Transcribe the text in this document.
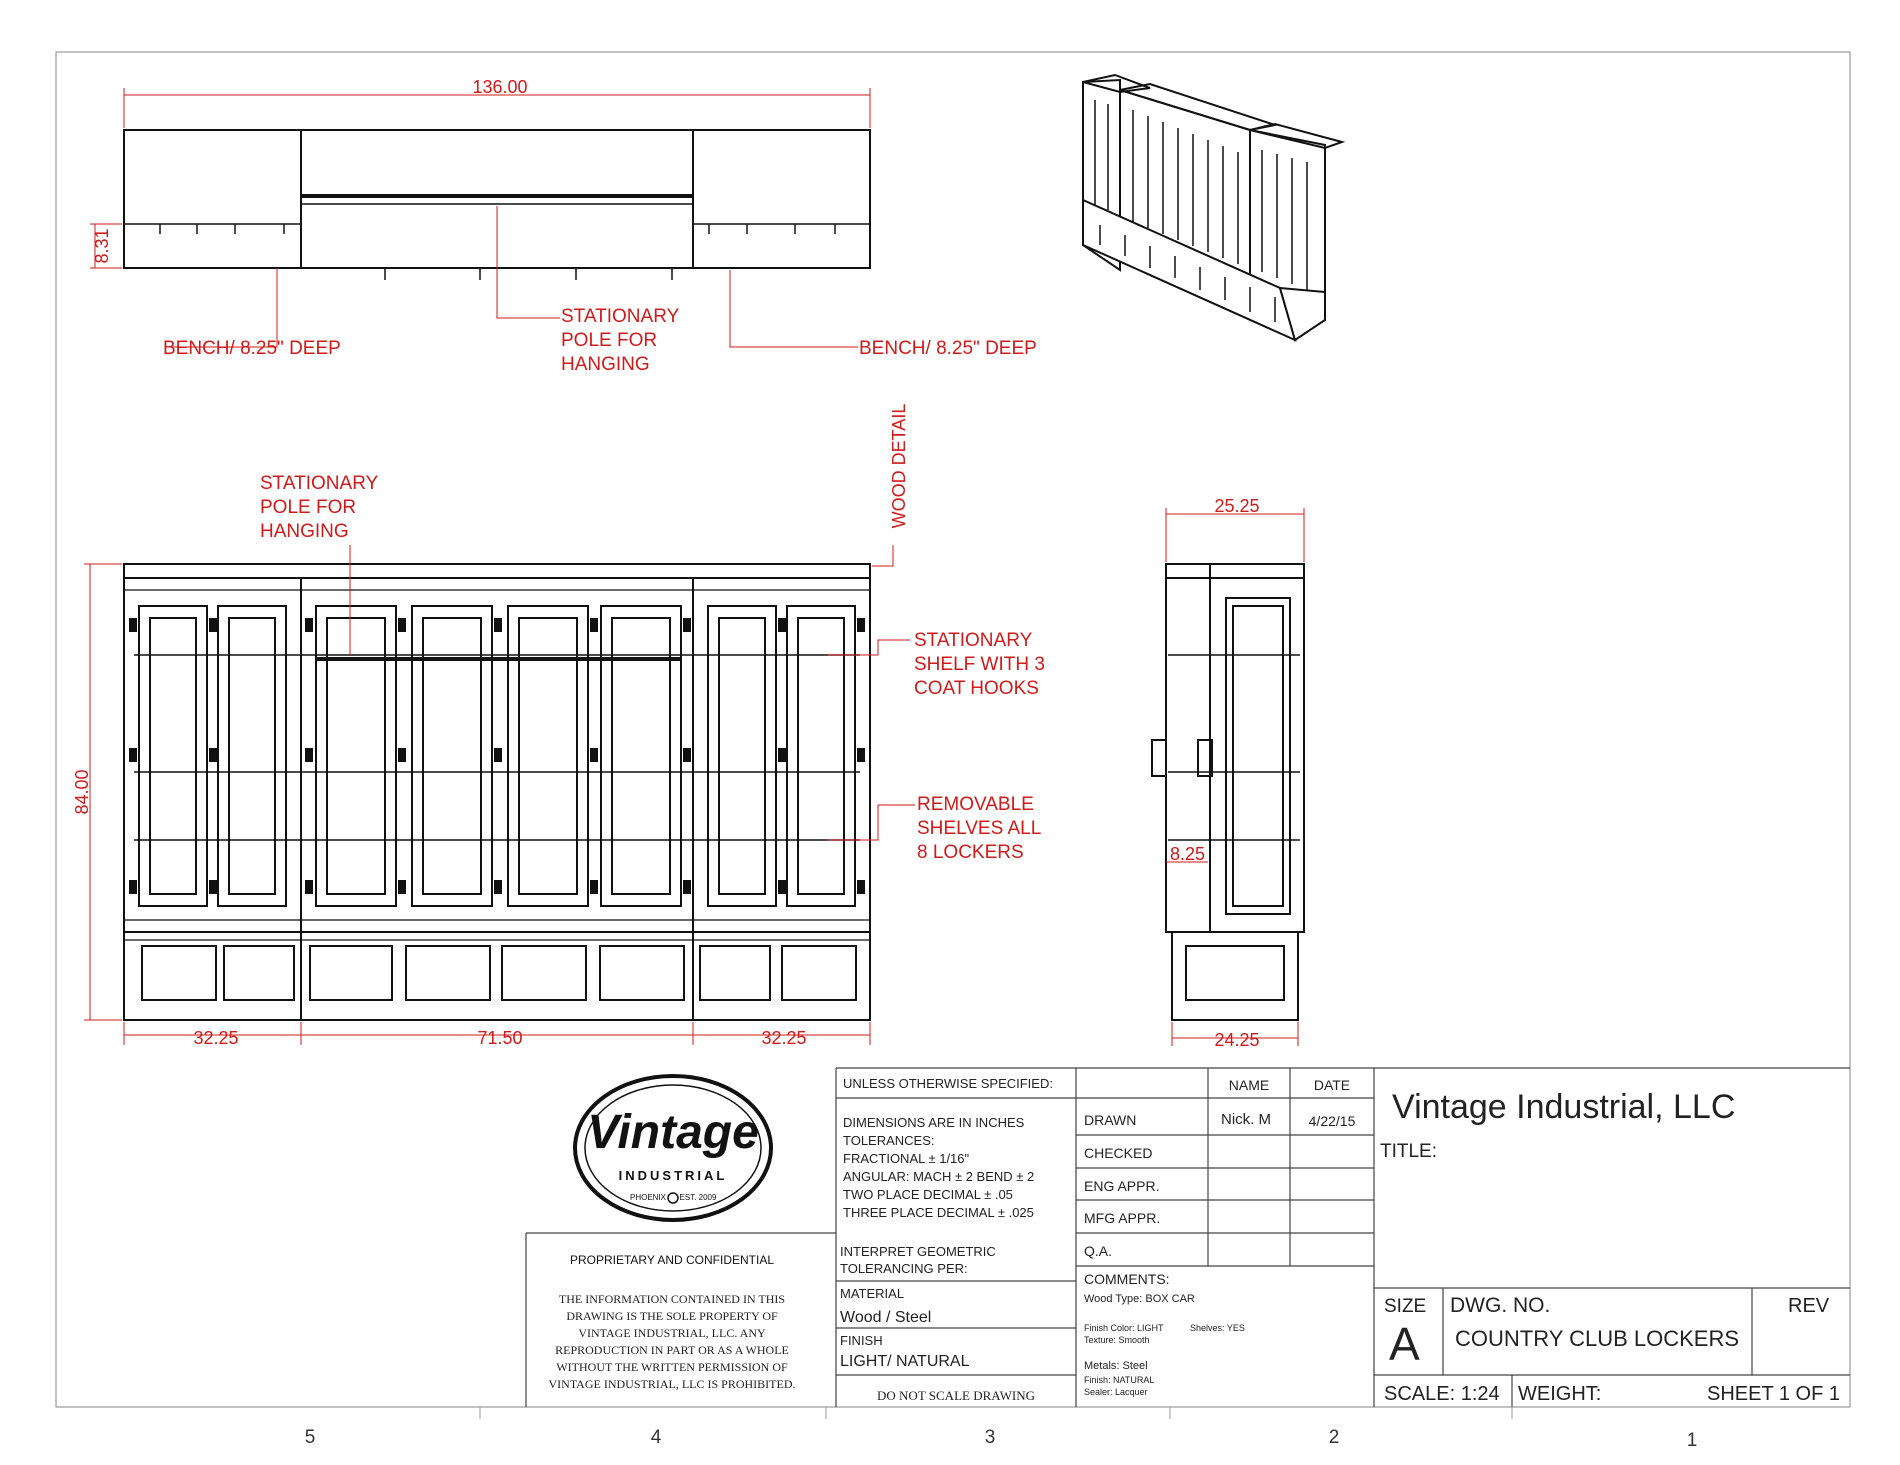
136.00
8.31
BENCH/ 8.25" DEEP	BENCH/ 8.25" DEEP
STATIONARY
POLE FOR
HANGING
84.00
32.25	71.50	32.25
STATIONARY
POLE FOR
HANGING
WOOD DETAIL
STATIONARY
SHELF WITH 3
COAT HOOKS
REMOVABLE
SHELVES ALL
8 LOCKERS
25.25
8.25
24.25
Vintage
INDUSTRIAL
PHOENIX EST. 2009
PROPRIETARY AND CONFIDENTIAL
THE INFORMATION CONTAINED IN THIS
DRAWING IS THE SOLE PROPERTY OF
VINTAGE INDUSTRIAL, LLC. ANY
REPRODUCTION IN PART OR AS A WHOLE
WITHOUT THE WRITTEN PERMISSION OF
VINTAGE INDUSTRIAL, LLC IS PROHIBITED.
UNLESS OTHERWISE SPECIFIED:
DIMENSIONS ARE IN INCHES
TOLERANCES:
FRACTIONAL ± 1/16"
ANGULAR: MACH ± 2 BEND ± 2
TWO PLACE DECIMAL ± .05
THREE PLACE DECIMAL ± .025
INTERPRET GEOMETRIC
TOLERANCING PER:
MATERIAL
Wood / Steel
FINISH
LIGHT/ NATURAL
DO NOT SCALE DRAWING
NAME	DATE
DRAWN	Nick. M	4/22/15
CHECKED
ENG APPR.
MFG APPR.
Q.A.
COMMENTS:
Wood Type: BOX CAR
Finish Color: LIGHT	Shelves: YES
Texture: Smooth
Metals: Steel
Finish: NATURAL
Sealer: Lacquer
Vintage Industrial, LLC
TITLE:
SIZE
A
DWG. NO.
COUNTRY CLUB LOCKERS
REV
SCALE: 1:24 WEIGHT:	SHEET 1 OF 1
5	4	3	2	1
